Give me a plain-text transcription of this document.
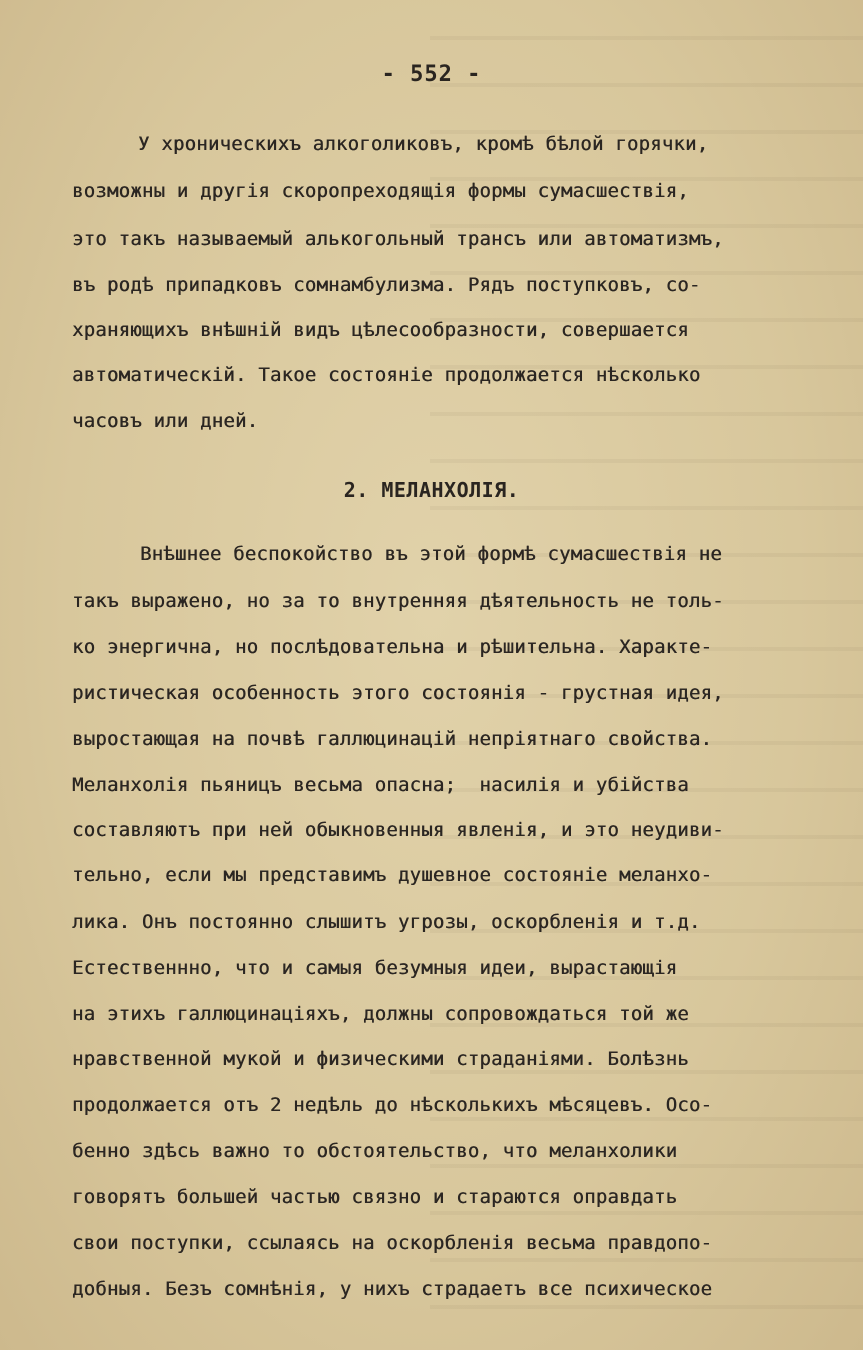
- 552 -
У хроническихъ алкоголиковъ, кромѣ бѣлой горячки,
возможны и другія скоропреходящія формы сумасшествія,
это такъ называемый алькогольный трансъ или автоматизмъ,
въ родѣ припадковъ сомнамбулизма. Рядъ поступковъ, со-
храняющихъ внѣшній видъ цѣлесообразности, совершается
автоматическій. Такое состояніе продолжается нѣсколько
часовъ или дней.
2. МЕЛАНХОЛІЯ.
Внѣшнее беспокойство въ этой формѣ сумасшествія не
такъ выражено, но за то внутренняя дѣятельность не толь-
ко энергична, но послѣдовательна и рѣшительна. Характе-
ристическая особенность этого состоянія - грустная идея,
выростающая на почвѣ галлюцинацій непріятнаго свойства.
Меланхолія пьяницъ весьма опасна;  насилія и убійства
составляютъ при ней обыкновенныя явленія, и это неудиви-
тельно, если мы представимъ душевное состояніе меланхо-
лика. Онъ постоянно слышитъ угрозы, оскорбленія и т.д.
Естественнно, что и самыя безумныя идеи, вырастающія
на этихъ галлюцинаціяхъ, должны сопровождаться той же
нравственной мукой и физическими страданіями. Болѣзнь
продолжается отъ 2 недѣль до нѣсколькихъ мѣсяцевъ. Осо-
бенно здѣсь важно то обстоятельство, что меланхолики
говорятъ большей частью связно и стараются оправдать
свои поступки, ссылаясь на оскорбленія весьма правдопо-
добныя. Безъ сомнѣнія, у нихъ страдаетъ все психическое
